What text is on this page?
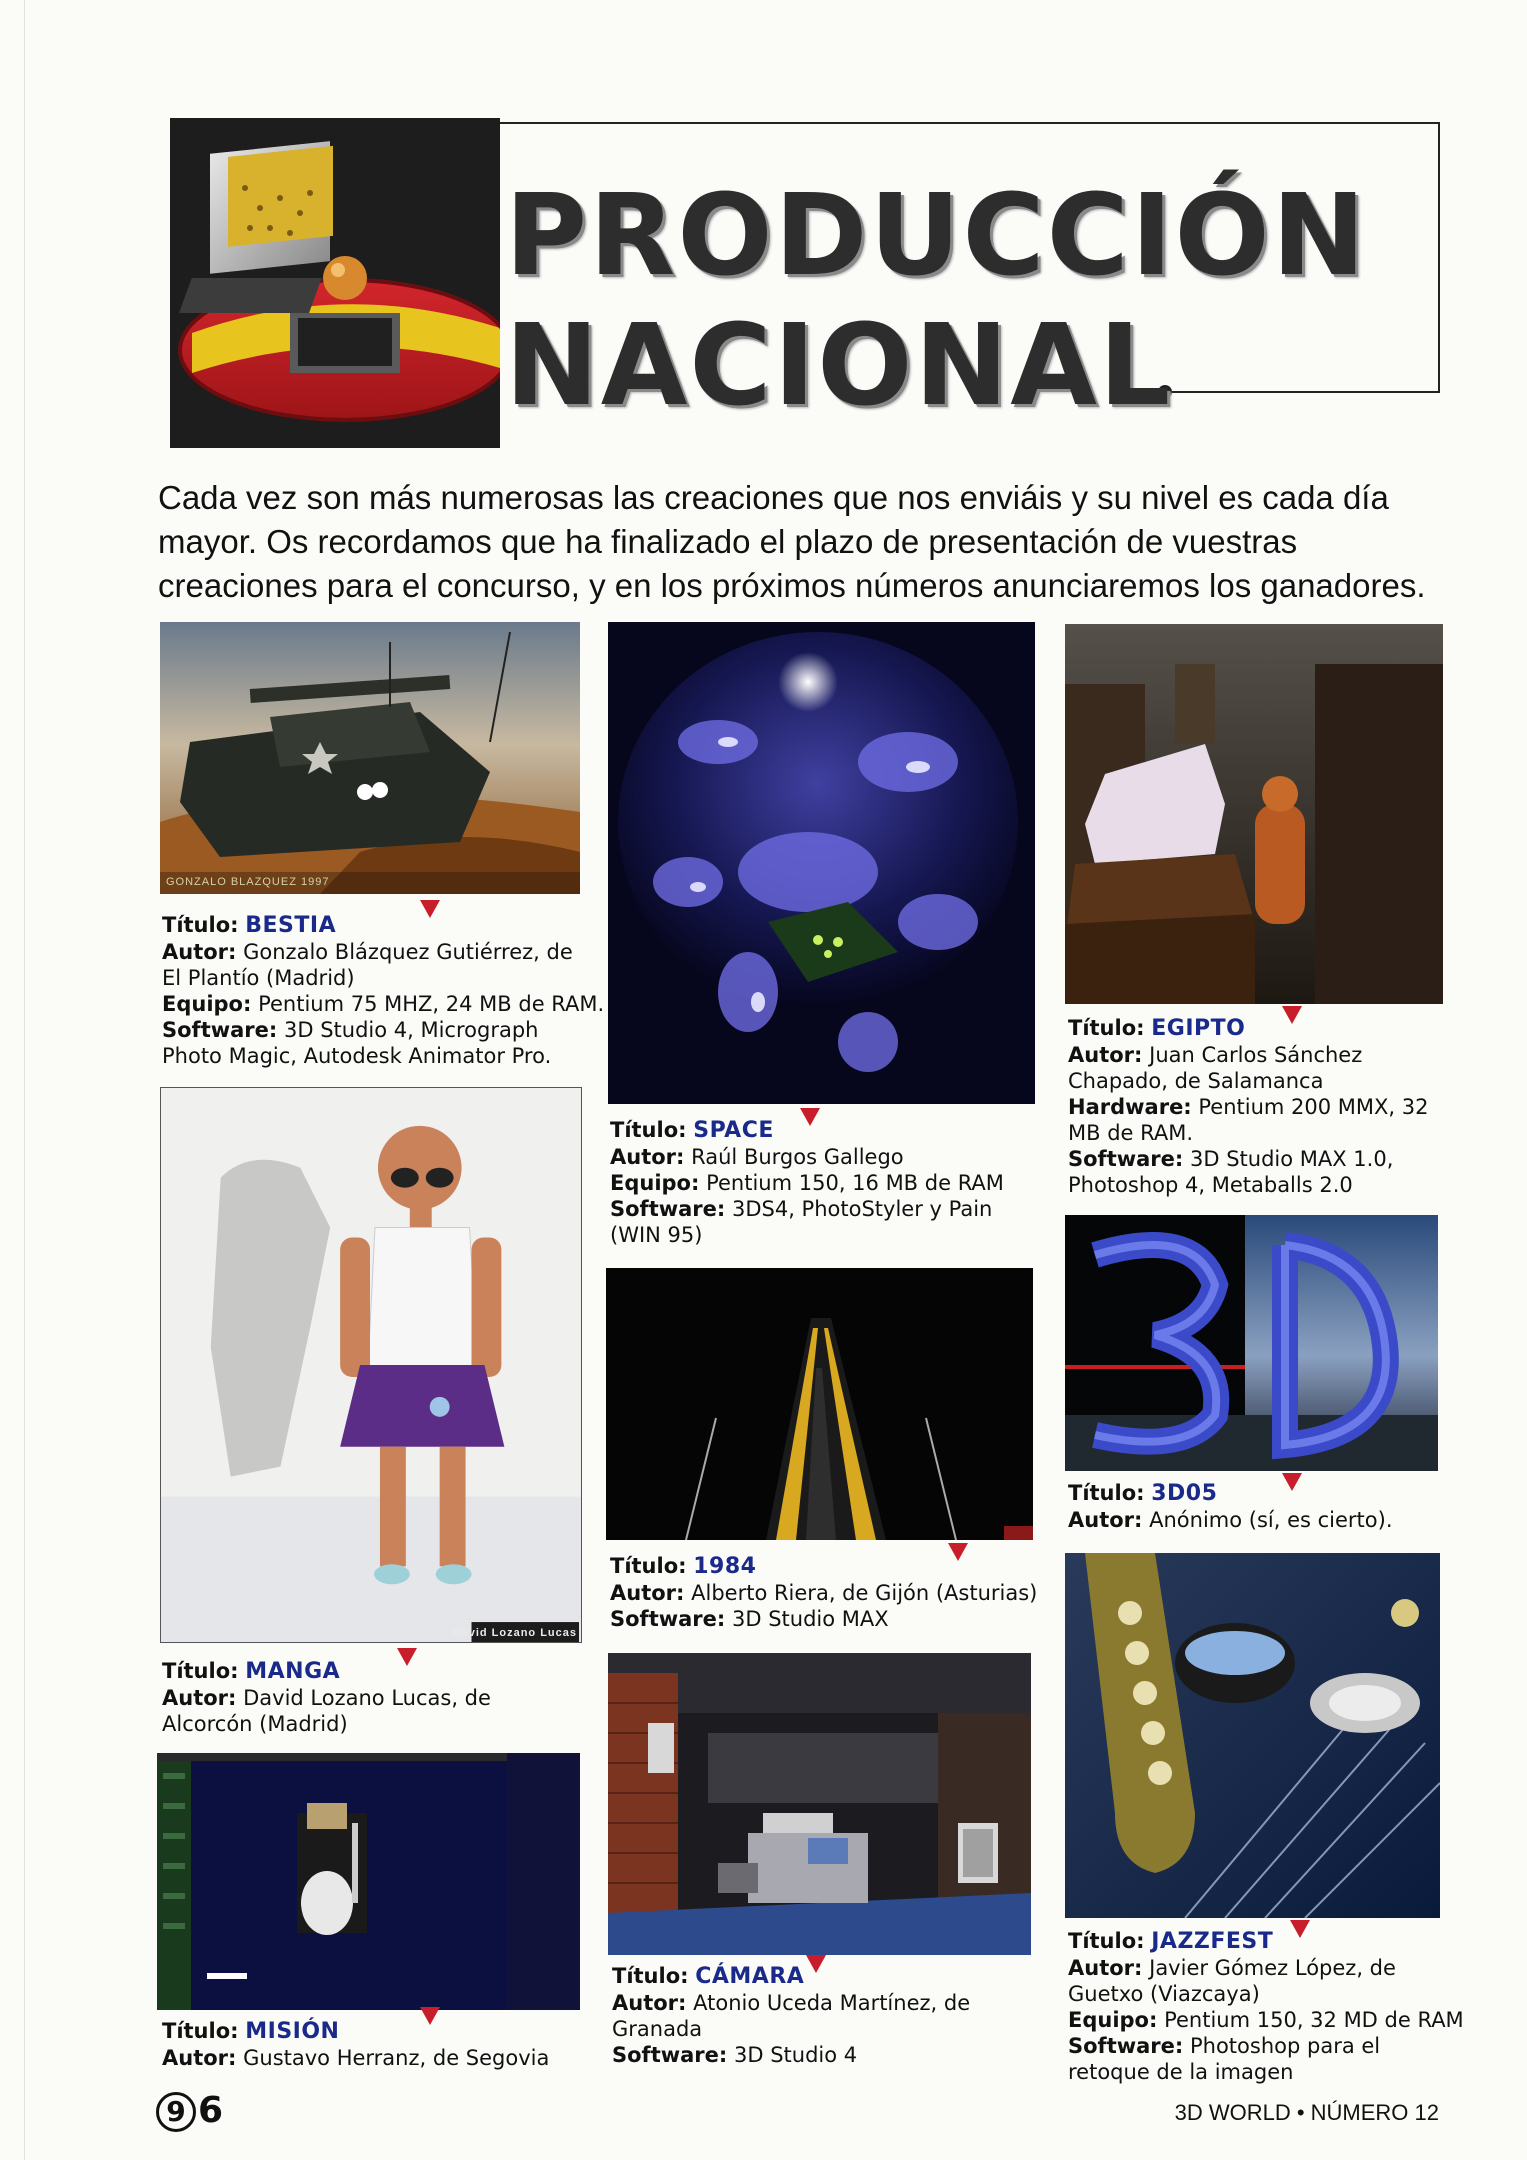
PRODUCCIÓN
NACIONAL
Cada vez son más numerosas las creaciones que nos enviáis y su nivel es cada día mayor. Os recordamos que ha finalizado el plazo de presentación de vuestras creaciones para el concurso, y en los próximos números anunciaremos los ganadores.
GONZALO BLAZQUEZ 1997
Título: BESTIA
Autor: Gonzalo Blázquez Gutiérrez, de El Plantío (Madrid)
Equipo: Pentium 75 MHZ, 24 MB de RAM.
Software: 3D Studio 4, Micrograph Photo Magic, Autodesk Animator Pro.
David Lozano Lucas
Título: MANGA
Autor: David Lozano Lucas, de Alcorcón (Madrid)
Título: MISIÓN
Autor: Gustavo Herranz, de Segovia
Título: SPACE
Autor: Raúl Burgos Gallego
Equipo: Pentium 150, 16 MB de RAM
Software: 3DS4, PhotoStyler y Pain (WIN 95)
Título: 1984
Autor: Alberto Riera, de Gijón (Asturias)
Software: 3D Studio MAX
Título: CÁMARA
Autor: Atonio Uceda Martínez, de Granada
Software: 3D Studio 4
Título: EGIPTO
Autor: Juan Carlos Sánchez Chapado, de Salamanca
Hardware: Pentium 200 MMX, 32 MB de RAM.
Software: 3D Studio MAX 1.0, Photoshop 4, Metaballs 2.0
Título: 3D05
Autor: Anónimo (sí, es cierto).
Título: JAZZFEST
Autor: Javier Gómez López, de Guetxo (Viazcaya)
Equipo: Pentium 150, 32 MD de RAM
Software: Photoshop para el retoque de la imagen
9 6	3D WORLD • NÚMERO 12
